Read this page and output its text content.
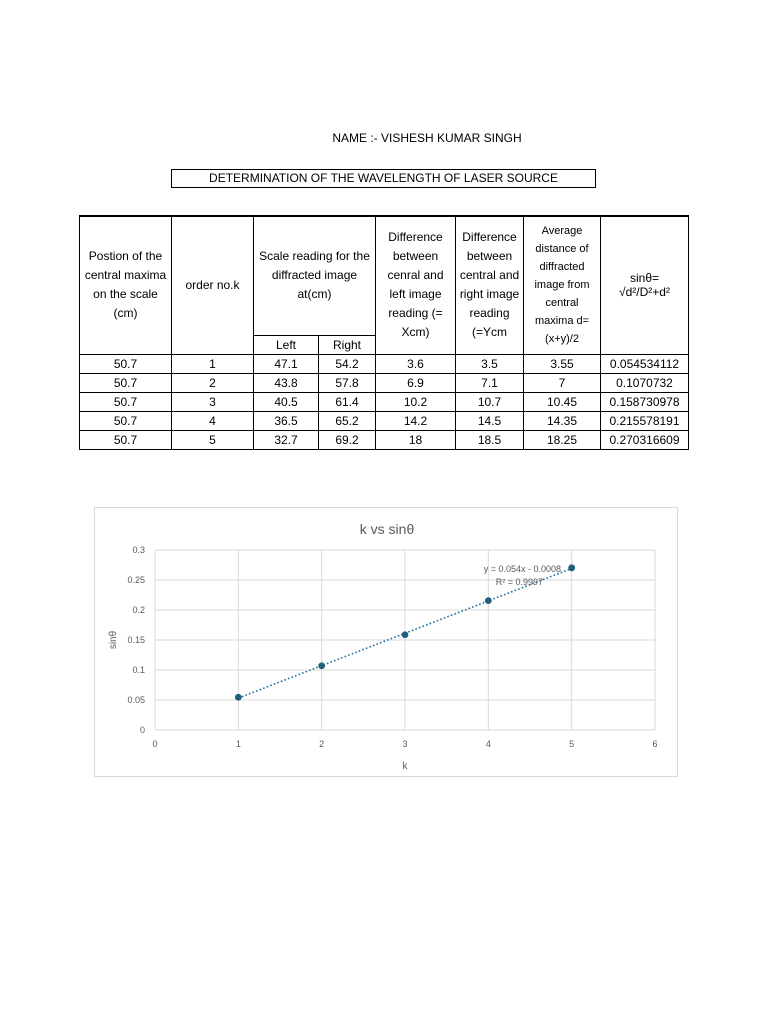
NAME :- VISHESH KUMAR SINGH
DETERMINATION OF THE WAVELENGTH OF LASER SOURCE
Postion of the central maxima on the scale (cm)	order no.k	Scale reading for the diffracted image at(cm)		Difference between cenral and left image reading (= Xcm)	Difference between central and right image reading (=Ycm	Average distance of diffracted image from central maxima d=(x+y)/2	sinθ=
√d²/D²+d²

		Left	Right				
50.7	1	47.1	54.2	3.6	3.5	3.55	0.054534112
50.7	2	43.8	57.8	6.9	7.1	7	0.1070732
50.7	3	40.5	61.4	10.2	10.7	10.45	0.158730978
50.7	4	36.5	65.2	14.2	14.5	14.35	0.215578191
50.7	5	32.7	69.2	18	18.5	18.25	0.270316609
k vs sinθ
0
0.05
0.1
0.15
0.2
0.25
0.3
0	1	2	3	4	5	6
y = 0.054x - 0.0008
R² = 0.9997
k
sinθ
